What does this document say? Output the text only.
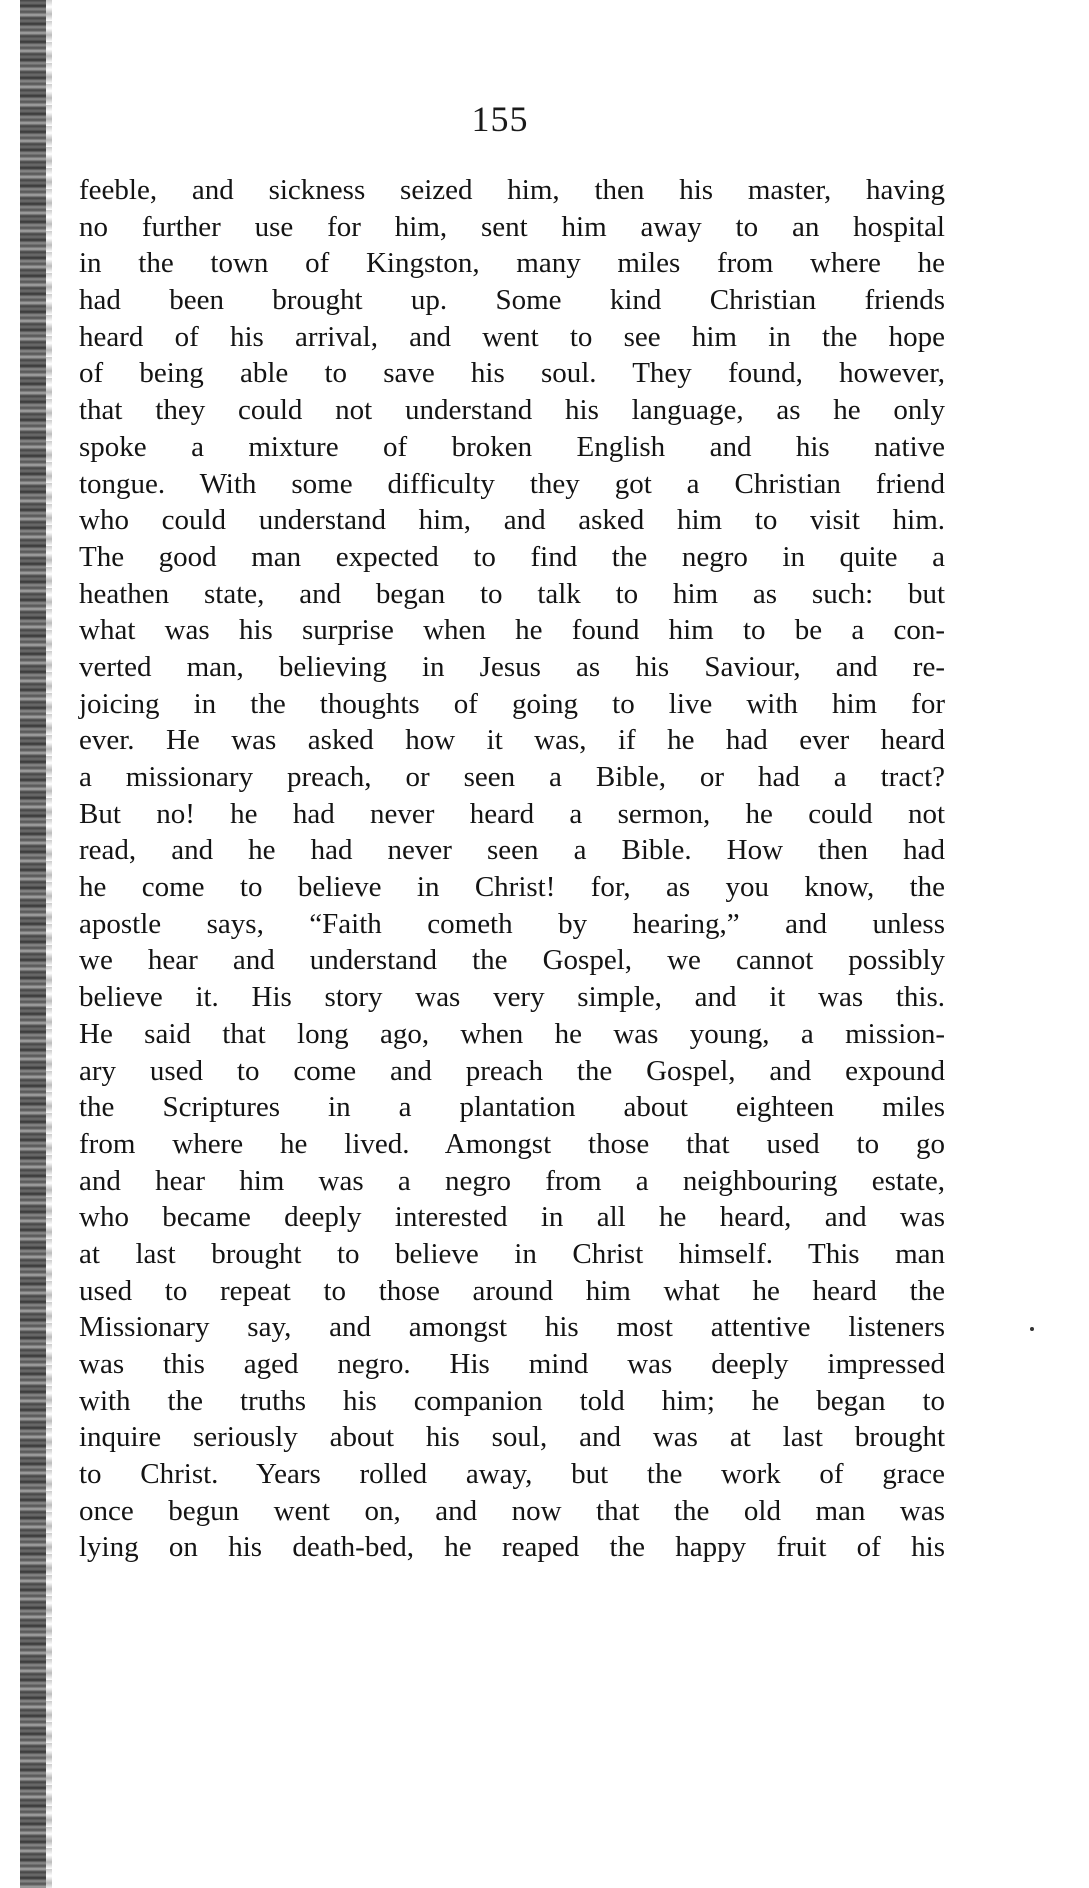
155
feeble, and sickness seized him, then his master, having
no further use for him, sent him away to an hospital
in the town of Kingston, many miles from where he
had been brought up. Some kind Christian friends
heard of his arrival, and went to see him in the hope
of being able to save his soul. They found, however,
that they could not understand his language, as he only
spoke a mixture of broken English and his native
tongue. With some difficulty they got a Christian friend
who could understand him, and asked him to visit him.
The good man expected to find the negro in quite a
heathen state, and began to talk to him as such: but
what was his surprise when he found him to be a con-
verted man, believing in Jesus as his Saviour, and re-
joicing in the thoughts of going to live with him for
ever. He was asked how it was, if he had ever heard
a missionary preach, or seen a Bible, or had a tract?
But no! he had never heard a sermon, he could not
read, and he had never seen a Bible. How then had
he come to believe in Christ! for, as you know, the
apostle says, “Faith cometh by hearing,” and unless
we hear and understand the Gospel, we cannot possibly
believe it. His story was very simple, and it was this.
He said that long ago, when he was young, a mission-
ary used to come and preach the Gospel, and expound
the Scriptures in a plantation about eighteen miles
from where he lived. Amongst those that used to go
and hear him was a negro from a neighbouring estate,
who became deeply interested in all he heard, and was
at last brought to believe in Christ himself. This man
used to repeat to those around him what he heard the
Missionary say, and amongst his most attentive listeners
was this aged negro. His mind was deeply impressed
with the truths his companion told him; he began to
inquire seriously about his soul, and was at last brought
to Christ. Years rolled away, but the work of grace
once begun went on, and now that the old man was
lying on his death-bed, he reaped the happy fruit of his
